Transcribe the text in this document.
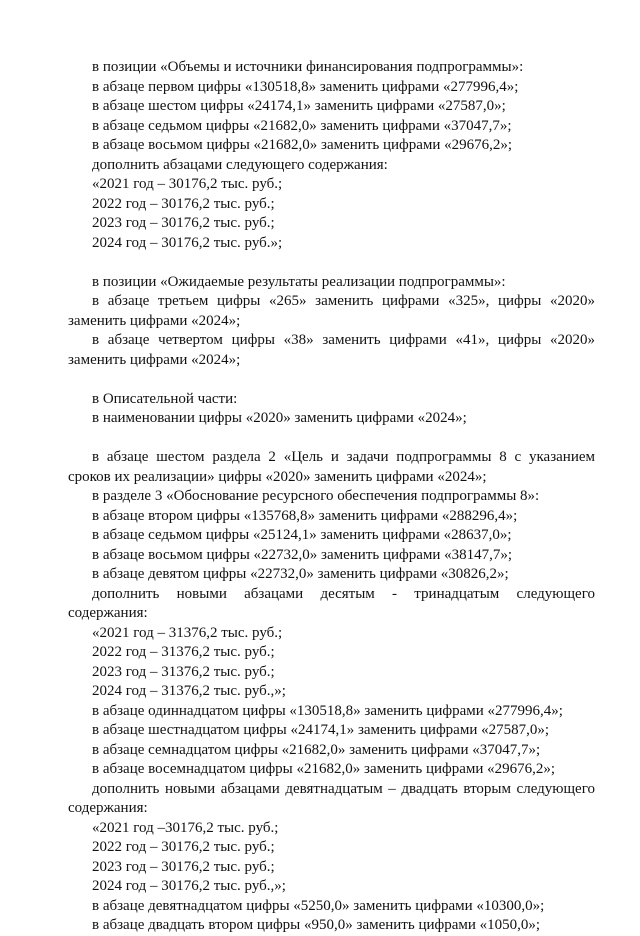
в позиции «Объемы и источники финансирования подпрограммы»:

в абзаце первом цифры «130518,8» заменить цифрами «277996,4»;

в абзаце шестом цифры «24174,1» заменить цифрами «27587,0»;

в абзаце седьмом цифры «21682,0» заменить цифрами «37047,7»;

в абзаце восьмом цифры «21682,0» заменить цифрами «29676,2»;

дополнить абзацами следующего содержания:

«2021 год – 30176,2 тыс. руб.;

2022 год – 30176,2 тыс. руб.;

2023 год – 30176,2 тыс. руб.;

2024 год – 30176,2 тыс. руб.»;

в позиции «Ожидаемые результаты реализации подпрограммы»:

в абзаце третьем цифры «265» заменить цифрами «325», цифры «2020»

заменить цифрами «2024»;

в абзаце четвертом цифры «38» заменить цифрами «41», цифры «2020»

заменить цифрами «2024»;

в Описательной части:

в наименовании цифры «2020» заменить цифрами «2024»;

в абзаце шестом раздела 2 «Цель и задачи подпрограммы 8 с указанием

сроков их реализации» цифры «2020» заменить цифрами «2024»;

в разделе 3 «Обоснование ресурсного обеспечения подпрограммы 8»:

в абзаце втором цифры «135768,8» заменить цифрами «288296,4»;

в абзаце седьмом цифры «25124,1» заменить цифрами «28637,0»;

в абзаце восьмом цифры «22732,0» заменить цифрами «38147,7»;

в абзаце девятом цифры «22732,0» заменить цифрами «30826,2»;

дополнить новыми абзацами десятым - тринадцатым следующего

содержания:

«2021 год – 31376,2 тыс. руб.;

2022 год – 31376,2 тыс. руб.;

2023 год – 31376,2 тыс. руб.;

2024 год – 31376,2 тыс. руб.,»;

в абзаце одиннадцатом цифры «130518,8» заменить цифрами «277996,4»;

в абзаце шестнадцатом цифры «24174,1» заменить цифрами «27587,0»;

в абзаце семнадцатом цифры «21682,0» заменить цифрами «37047,7»;

в абзаце восемнадцатом цифры «21682,0» заменить цифрами «29676,2»;

дополнить новыми абзацами девятнадцатым – двадцать вторым следующего

содержания:

«2021 год –30176,2 тыс. руб.;

2022 год – 30176,2 тыс. руб.;

2023 год – 30176,2 тыс. руб.;

2024 год – 30176,2 тыс. руб.,»;

в абзаце девятнадцатом цифры «5250,0» заменить цифрами «10300,0»;

в абзаце двадцать втором цифры «950,0» заменить цифрами «1050,0»;
